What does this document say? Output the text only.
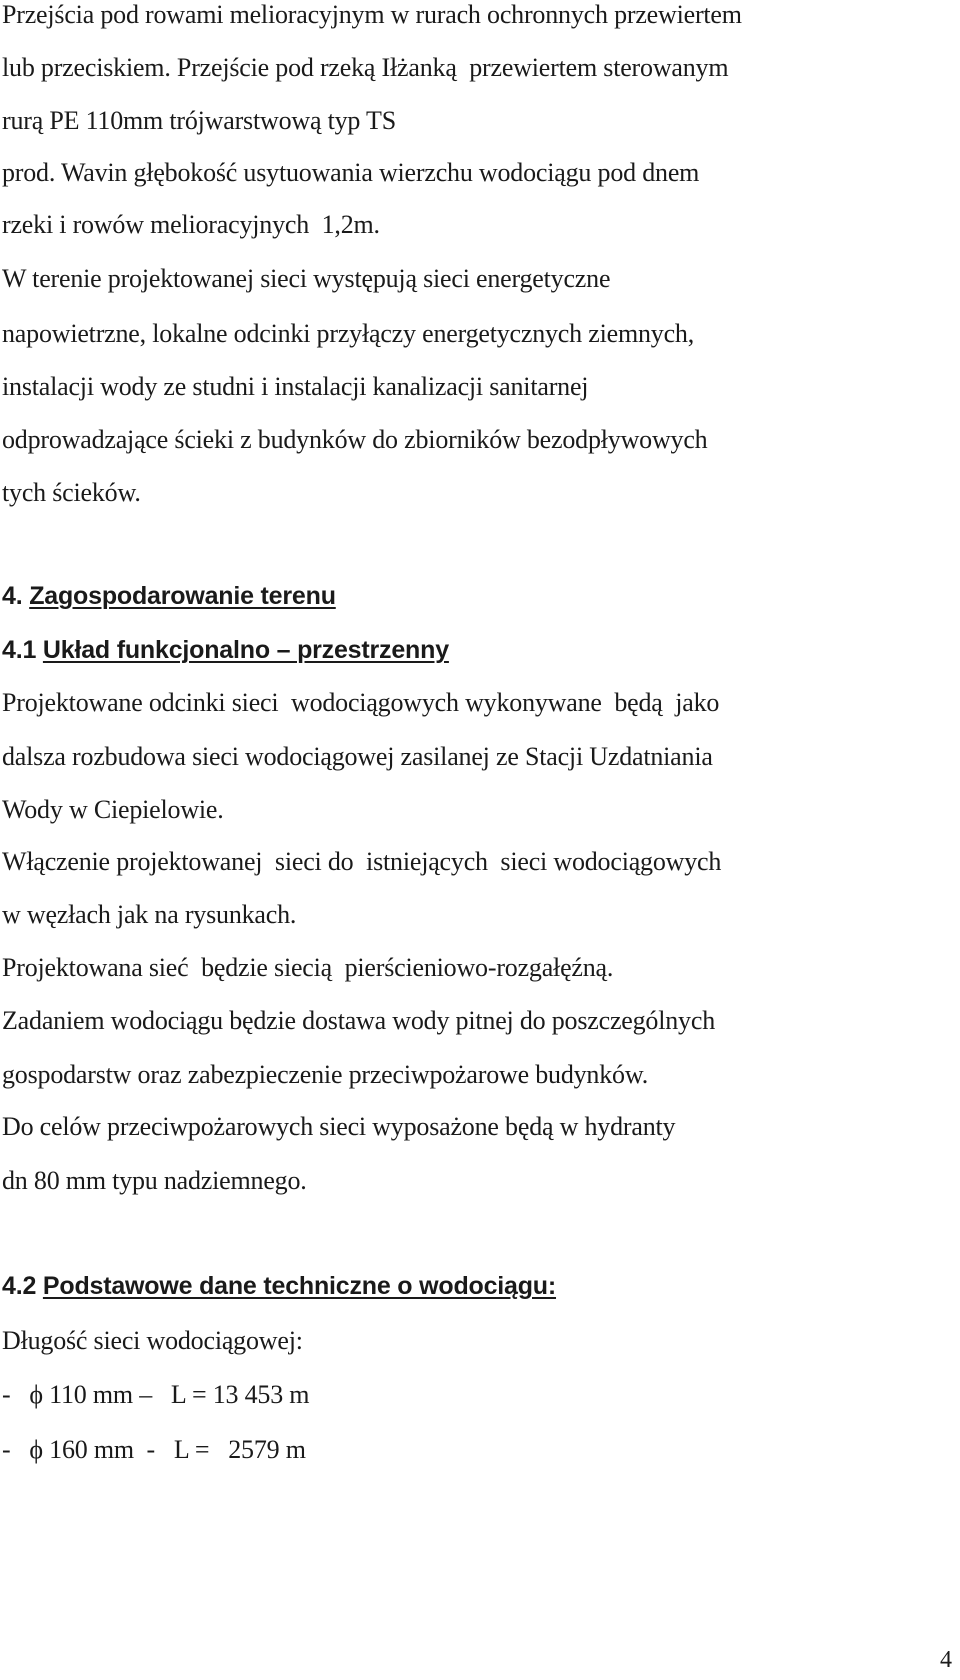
Przejścia pod rowami melioracyjnym w rurach ochronnych przewiertem
lub przeciskiem. Przejście pod rzeką Iłżanką  przewiertem sterowanym
rurą PE 110mm trójwarstwową typ TS
prod. Wavin głębokość usytuowania wierzchu wodociągu pod dnem
rzeki i rowów melioracyjnych  1,2m.
W terenie projektowanej sieci występują sieci energetyczne
napowietrzne, lokalne odcinki przyłączy energetycznych ziemnych,
instalacji wody ze studni i instalacji kanalizacji sanitarnej
odprowadzające ścieki z budynków do zbiorników bezodpływowych
tych ścieków.
4. Zagospodarowanie terenu
4.1 Układ funkcjonalno – przestrzenny
Projektowane odcinki sieci  wodociągowych wykonywane  będą  jako
dalsza rozbudowa sieci wodociągowej zasilanej ze Stacji Uzdatniania
Wody w Ciepielowie.
Włączenie projektowanej  sieci do  istniejących  sieci wodociągowych
w węzłach jak na rysunkach.
Projektowana sieć  będzie siecią  pierścieniowo-rozgałęźną.
Zadaniem wodociągu będzie dostawa wody pitnej do poszczególnych
gospodarstw oraz zabezpieczenie przeciwpożarowe budynków.
Do celów przeciwpożarowych sieci wyposażone będą w hydranty
dn 80 mm typu nadziemnego.
4.2 Podstawowe dane techniczne o wodociągu:
Długość sieci wodociągowej:
-   ϕ 110 mm –   L = 13 453 m
-   ϕ 160 mm  -   L =   2579 m
4
